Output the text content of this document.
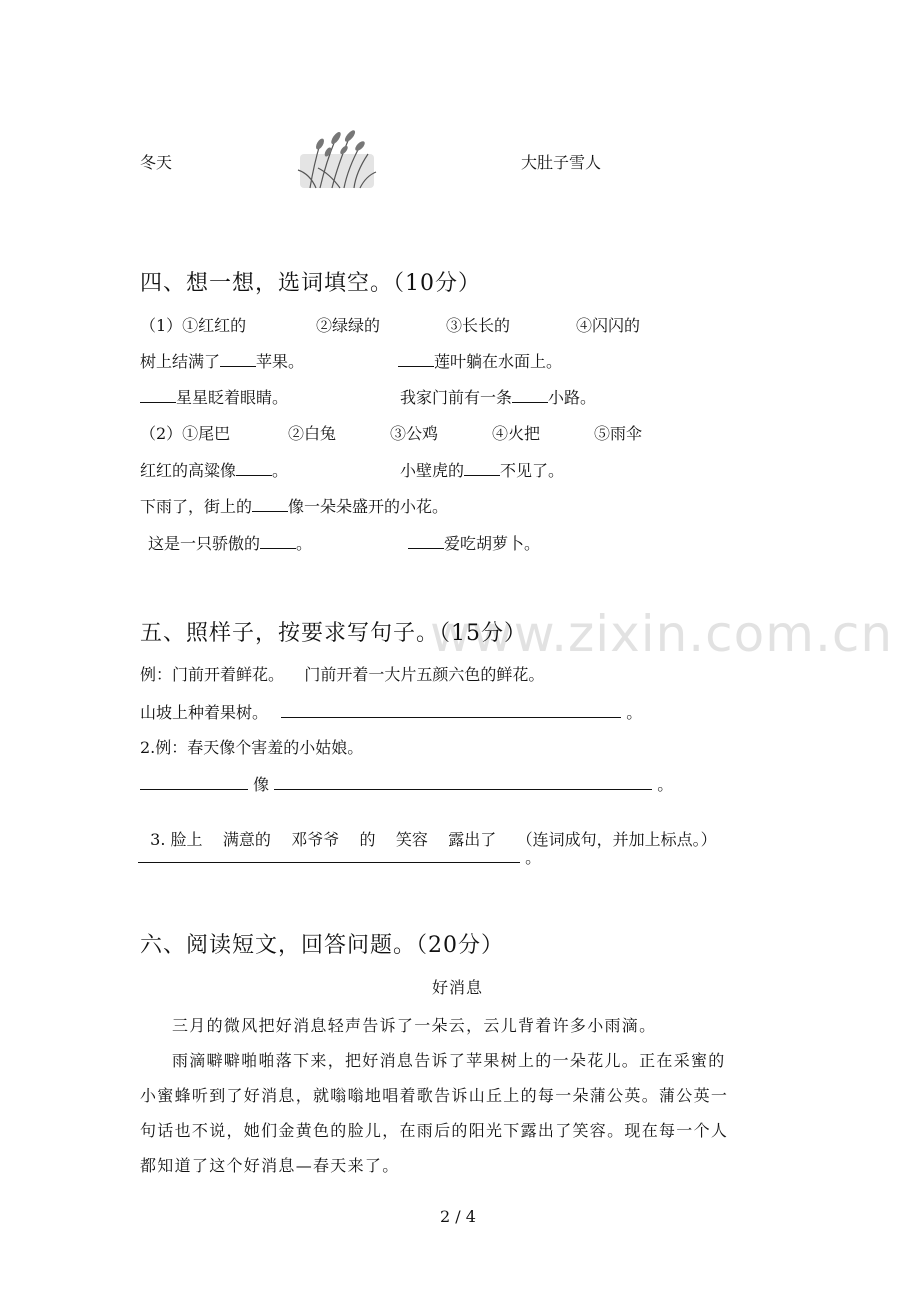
冬天	大肚子雪人
四、想一想，选词填空。（10分）
（1）①红红的	②绿绿的	③长长的	④闪闪的
树上结满了 苹果。	莲叶躺在水面上。
星星眨着眼睛。	我家门前有一条 小路。
（2）①尾巴	②白兔	③公鸡	④火把	⑤雨伞
红红的高粱像 。	小壁虎的 不见了。
下雨了，街上的 像一朵朵盛开的小花。
这是一只骄傲的 。	爱吃胡萝卜。
www.zixin.com.cn
五、照样子，按要求写句子。（15分）
例：门前开着鲜花。    门前开着一大片五颜六色的鲜花。
山坡上种着果树。	。
2.例：春天像个害羞的小姑娘。
像	。

3. 脸上    满意的    邓爷爷    的    笑容    露出了 （连词成句，并加上标点。）

。
六、阅读短文，回答问题。（20分）
好消息
三月的微风把好消息轻声告诉了一朵云，云儿背着许多小雨滴。
雨滴噼噼啪啪落下来，把好消息告诉了苹果树上的一朵花儿。正在采蜜的
小蜜蜂听到了好消息，就嗡嗡地唱着歌告诉山丘上的每一朵蒲公英。蒲公英一
句话也不说，她们金黄色的脸儿，在雨后的阳光下露出了笑容。现在每一个人
都知道了这个好消息—春天来了。
2 / 4
